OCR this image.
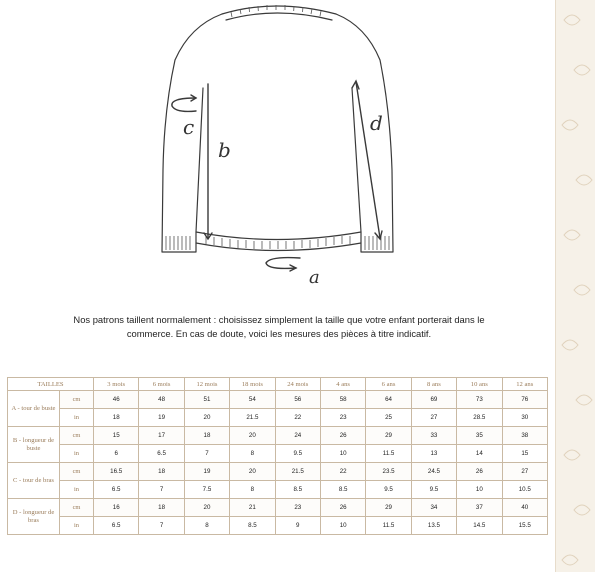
c
b
d
a

Nos patrons taillent normalement : choisissez simplement la taille que votre enfant porterait dans le

commerce. En cas de doute, voici les mesures des pièces à titre indicatif.

TAILLES		3 mois	6 mois	12 mois	18 mois	24 mois	4 ans	6 ans	8 ans	10 ans	12 ans
A - tour de buste	cm	46	48	51	54	56	58	64	69	73	76
	in	18	19	20	21.5	22	23	25	27	28.5	30
B - longueur de buste	cm	15	17	18	20	24	26	29	33	35	38
	in	6	6.5	7	8	9.5	10	11.5	13	14	15
C - tour de bras	cm	16.5	18	19	20	21.5	22	23.5	24.5	26	27
	in	6.5	7	7.5	8	8.5	8.5	9.5	9.5	10	10.5
D - longueur de bras	cm	16	18	20	21	23	26	29	34	37	40
	in	6.5	7	8	8.5	9	10	11.5	13.5	14.5	15.5
